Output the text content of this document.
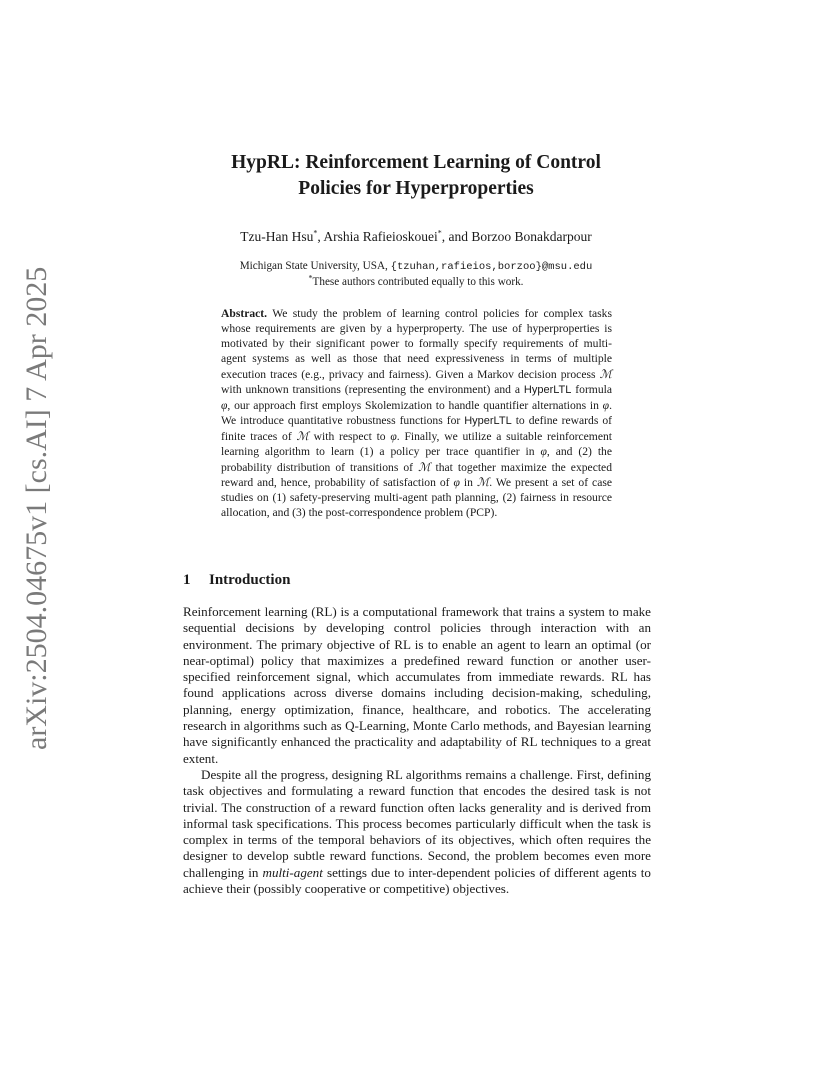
arXiv:2504.04675v1 [cs.AI] 7 Apr 2025
HypRL: Reinforcement Learning of Control
Policies for Hyperproperties
Tzu-Han Hsu*, Arshia Rafieioskouei*, and Borzoo Bonakdarpour
Michigan State University, USA, {tzuhan,rafieios,borzoo}@msu.edu
*These authors contributed equally to this work.
Abstract. We study the problem of learning control policies for complex tasks whose requirements are given by a hyperproperty. The use of hyperproperties is motivated by their significant power to formally specify requirements of multi-agent systems as well as those that need expressiveness in terms of multiple execution traces (e.g., privacy and fairness). Given a Markov decision process ℳ with unknown transitions (representing the environment) and a HyperLTL formula φ, our approach first employs Skolemization to handle quantifier alternations in φ. We introduce quantitative robustness functions for HyperLTL to define rewards of finite traces of ℳ with respect to φ. Finally, we utilize a suitable reinforcement learning algorithm to learn (1) a policy per trace quantifier in φ, and (2) the probability distribution of transitions of ℳ that together maximize the expected reward and, hence, probability of satisfaction of φ in ℳ. We present a set of case studies on (1) safety-preserving multi-agent path planning, (2) fairness in resource allocation, and (3) the post-correspondence problem (PCP).
1 Introduction

Reinforcement learning (RL) is a computational framework that trains a system to make sequential decisions by developing control policies through interaction with an environment. The primary objective of RL is to enable an agent to learn an optimal (or near-optimal) policy that maximizes a predefined reward function or another user-specified reinforcement signal, which accumulates from immediate rewards. RL has found applications across diverse domains including decision-making, scheduling, planning, energy optimization, finance, healthcare, and robotics. The accelerating research in algorithms such as Q-Learning, Monte Carlo methods, and Bayesian learning have significantly enhanced the practicality and adaptability of RL techniques to a great extent.

Despite all the progress, designing RL algorithms remains a challenge. First, defining task objectives and formulating a reward function that encodes the desired task is not trivial. The construction of a reward function often lacks generality and is derived from informal task specifications. This process becomes particularly difficult when the task is complex in terms of the temporal behaviors of its objectives, which often requires the designer to develop subtle reward functions. Second, the problem becomes even more challenging in multi-agent settings due to inter-dependent policies of different agents to achieve their (possibly cooperative or competitive) objectives.
